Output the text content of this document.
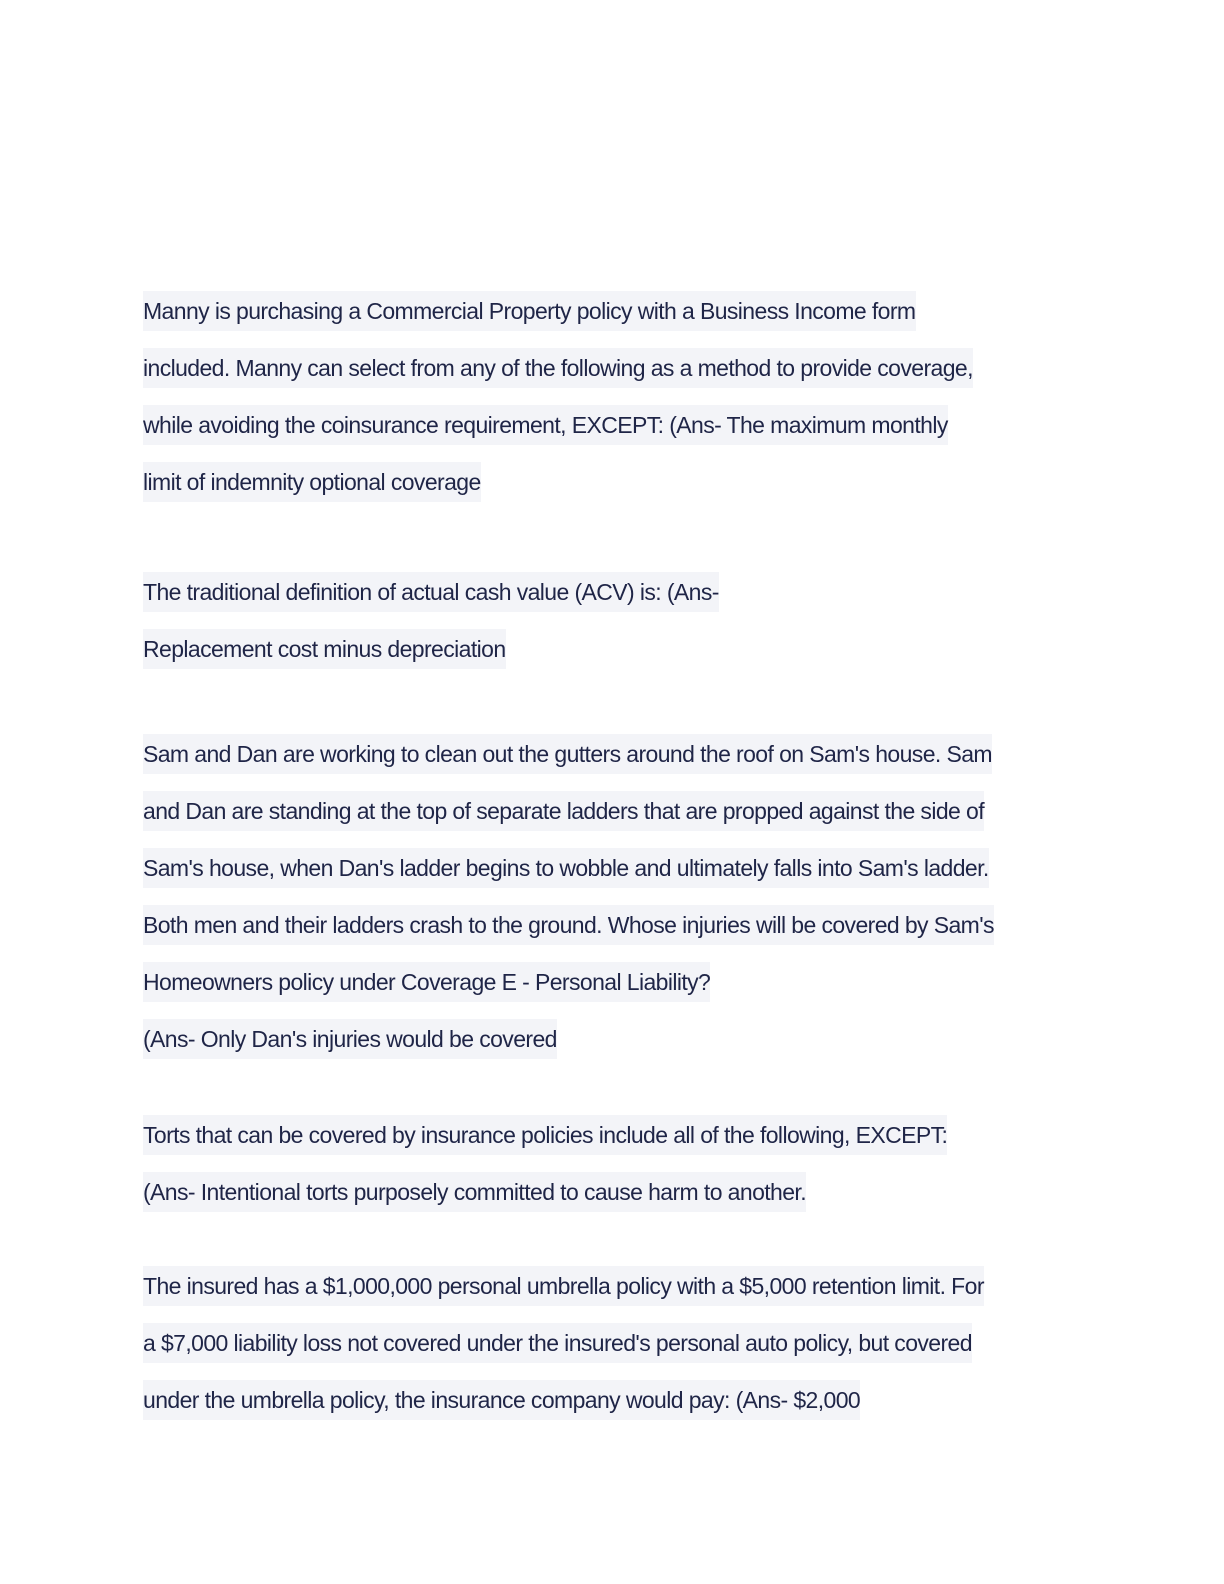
Manny is purchasing a Commercial Property policy with a Business Income form
included. Manny can select from any of the following as a method to provide coverage,
while avoiding the coinsurance requirement, EXCEPT: (Ans- The maximum monthly
limit of indemnity optional coverage
The traditional definition of actual cash value (ACV) is: (Ans-
Replacement cost minus depreciation
Sam and Dan are working to clean out the gutters around the roof on Sam's house. Sam
and Dan are standing at the top of separate ladders that are propped against the side of
Sam's house, when Dan's ladder begins to wobble and ultimately falls into Sam's ladder.
Both men and their ladders crash to the ground. Whose injuries will be covered by Sam's
Homeowners policy under Coverage E - Personal Liability?
(Ans- Only Dan's injuries would be covered
Torts that can be covered by insurance policies include all of the following, EXCEPT:
(Ans- Intentional torts purposely committed to cause harm to another.
The insured has a $1,000,000 personal umbrella policy with a $5,000 retention limit. For
a $7,000 liability loss not covered under the insured's personal auto policy, but covered
under the umbrella policy, the insurance company would pay: (Ans- $2,000
